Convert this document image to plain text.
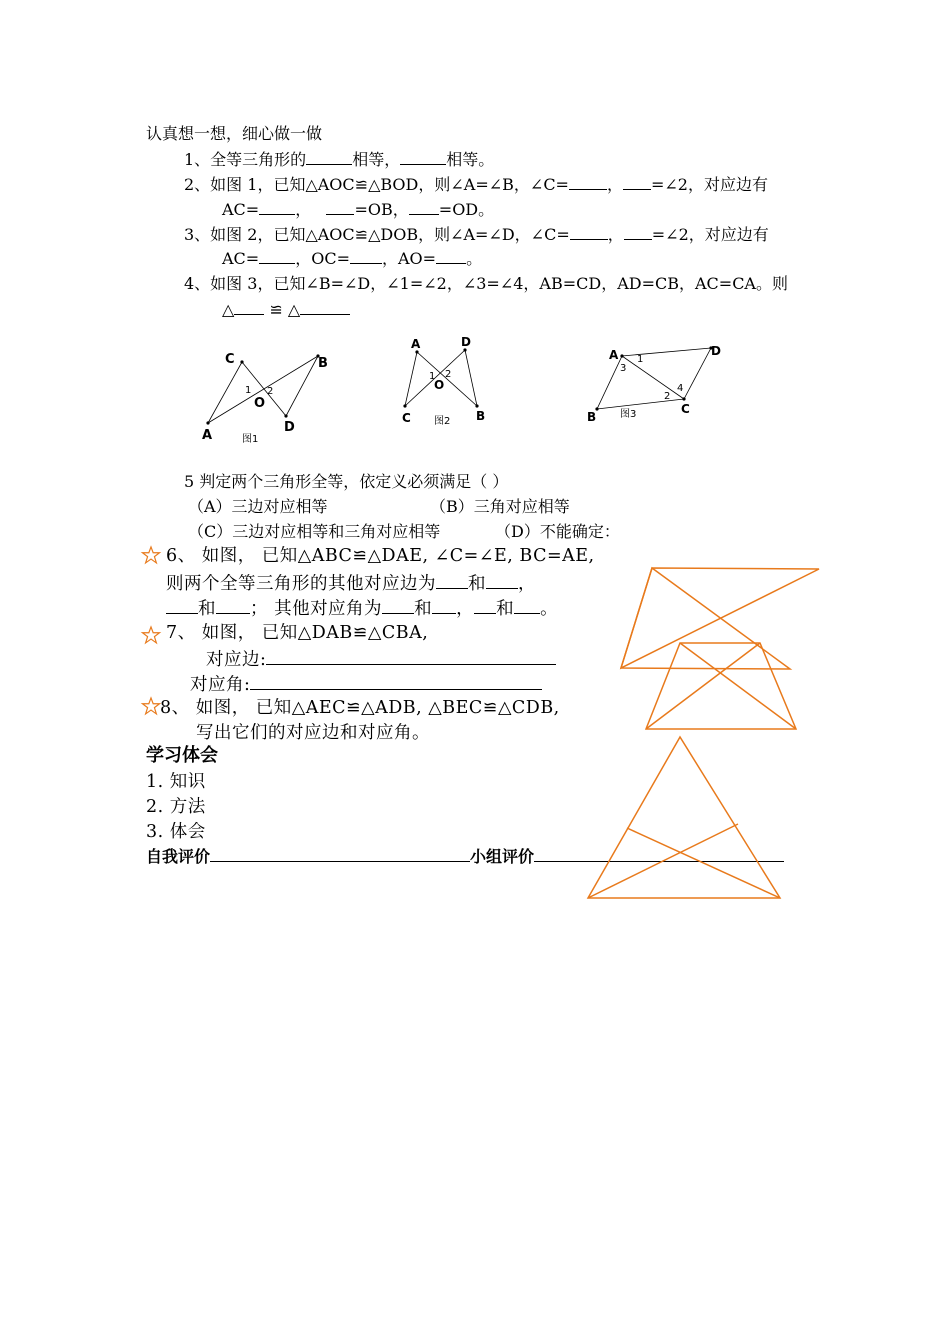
认真想一想，细心做一做
1、全等三角形的	相等，	相等。
2、如图 1，已知△AOC≌△BOD，则∠A=∠B，∠C= ， =∠2，对应边有
AC= ，	=OB， =OD。
3、如图 2，已知△AOC≌△DOB，则∠A=∠D，∠C= ， =∠2，对应边有
AC= ，OC= ，AO= 。
4、如图 3，已知∠B=∠D，∠1=∠2，∠3=∠4，AB=CD，AD=CB，AC=CA。则
△ ≌ △
C	B
O
A
D
1 2
图1
A	D
O
C	B
1 2
图2
A	D
B
C
1
3
4
2
图3
5 判定两个三角形全等，依定义必须满足（ ）
（A）三边对应相等	（B）三角对应相等
（C）三边对应相等和三角对应相等	（D）不能确定：
6、 如图， 已知△ABC≌△DAE, ∠C=∠E, BC=AE,
则两个全等三角形的其他对应边为 和 ，
和 ； 其他对应角为 和 ， 和 。
7、 如图， 已知△DAB≌△CBA,
对应边:
对应角:
8、 如图， 已知△AEC≌△ADB, △BEC≌△CDB,
写出它们的对应边和对应角。
学习体会
1. 知识
2. 方法
3. 体会
自我评价	小组评价
